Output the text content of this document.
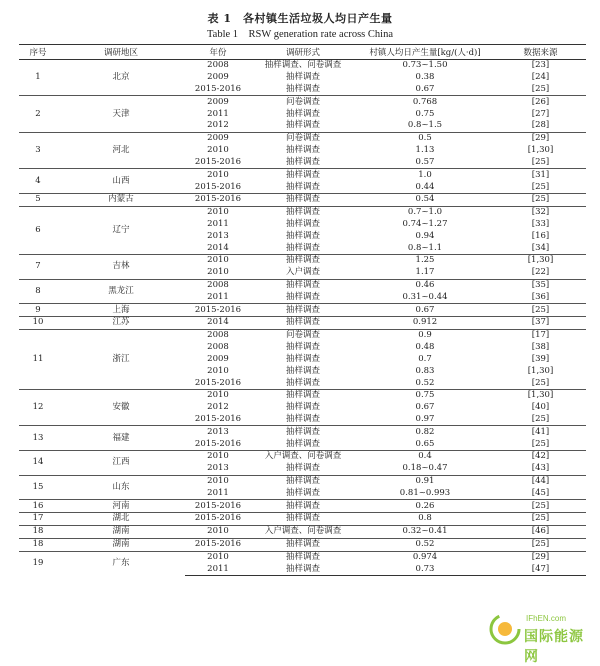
表 1　各村镇生活垃圾人均日产生量
Table 1　RSW generation rate across China
序号	调研地区	年份	调研形式	村镇人均日产生量[kg/(人·d)]	数据来源
1	北京	2008	抽样调查、问卷调查	0.73~1.50	[23]
		2009	抽样调查	0.38	[24]
		2015-2016	抽样调查	0.67	[25]
2	天津	2009	问卷调查	0.768	[26]
		2011	抽样调查	0.75	[27]
		2012	抽样调查	0.8~1.5	[28]
3	河北	2009	问卷调查	0.5	[29]
		2010	抽样调查	1.13	[1,30]
		2015-2016	抽样调查	0.57	[25]
4	山西	2010	抽样调查	1.0	[31]
		2015-2016	抽样调查	0.44	[25]
5	内蒙古	2015-2016	抽样调查	0.54	[25]
6	辽宁	2010	抽样调查	0.7~1.0	[32]
		2011	抽样调查	0.74~1.27	[33]
		2013	抽样调查	0.94	[16]
		2014	抽样调查	0.8~1.1	[34]
7	吉林	2010	抽样调查	1.25	[1,30]
		2010	入户调查	1.17	[22]
8	黑龙江	2008	抽样调查	0.46	[35]
		2011	抽样调查	0.31~0.44	[36]
9	上海	2015-2016	抽样调查	0.67	[25]
10	江苏	2014	抽样调查	0.912	[37]
11	浙江	2008	问卷调查	0.9	[17]
		2008	抽样调查	0.48	[38]
		2009	抽样调查	0.7	[39]
		2010	抽样调查	0.83	[1,30]
		2015-2016	抽样调查	0.52	[25]
12	安徽	2010	抽样调查	0.75	[1,30]
		2012	抽样调查	0.67	[40]
		2015-2016	抽样调查	0.97	[25]
13	福建	2013	抽样调查	0.82	[41]
		2015-2016	抽样调查	0.65	[25]
14	江西	2010	入户调查、问卷调查	0.4	[42]
		2013	抽样调查	0.18~0.47	[43]
15	山东	2010	抽样调查	0.91	[44]
		2011	抽样调查	0.81~0.993	[45]
16	河南	2015-2016	抽样调查	0.26	[25]
17	湖北	2015-2016	抽样调查	0.8	[25]
18	湖南	2010	入户调查、问卷调查	0.32~0.41	[46]
18	湖南	2015-2016	抽样调查	0.52	[25]
19	广东	2010	抽样调查	0.974	[29]
		2011	抽样调查	0.73	[47]
IFhEN.com
国际能源网
